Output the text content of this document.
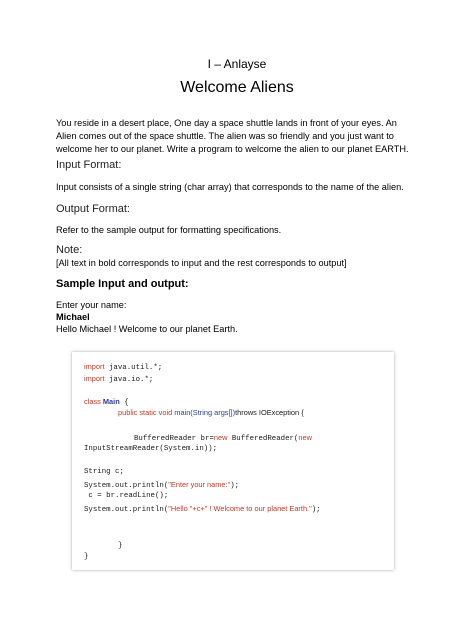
I – Anlayse
Welcome Aliens
You reside in a desert place, One day a space shuttle lands in front of your eyes. An
Alien comes out of the space shuttle. The alien was so friendly and you just want to
welcome her to our planet. Write a program to welcome the alien to our planet EARTH.
Input Format:
Input consists of a single string (char array) that corresponds to the name of the alien.
Output Format:
Refer to the sample output for formatting specifications.
Note:
[All text in bold corresponds to input and the rest corresponds to output]
Sample Input and output:
Enter your name:
Michael
Hello Michael ! Welcome to our planet Earth.
import java.util.*;
import java.io.*;
class Main {
public static void main(String args[])throws IOException {
BufferedReader br=new BufferedReader(new
InputStreamReader(System.in));
String c;
System.out.println("Enter your name:");
c = br.readLine();
System.out.println("Hello "+c+" ! Welcome to our planet Earth.");
}
}
